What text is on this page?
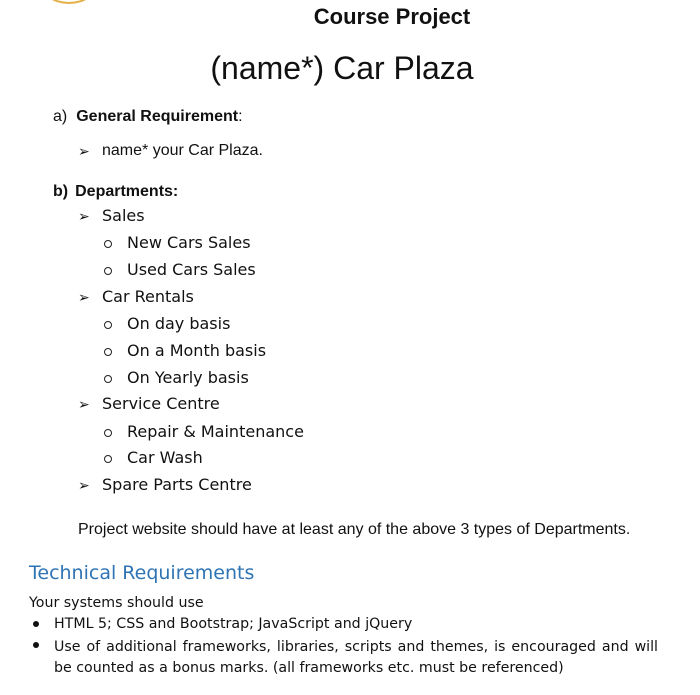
Course Project
(name*) Car Plaza
a) General Requirement:
➢ name* your Car Plaza.
b) Departments:
➢ Sales
New Cars Sales
Used Cars Sales
➢ Car Rentals
On day basis
On a Month basis
On Yearly basis
➢ Service Centre
Repair & Maintenance
Car Wash
➢ Spare Parts Centre
Project website should have at least any of the above 3 types of Departments.
Technical Requirements
Your systems should use
HTML 5; CSS and Bootstrap; JavaScript and jQuery
Use of additional frameworks, libraries, scripts and themes, is encouraged and will be counted as a bonus marks. (all frameworks etc. must be referenced)
